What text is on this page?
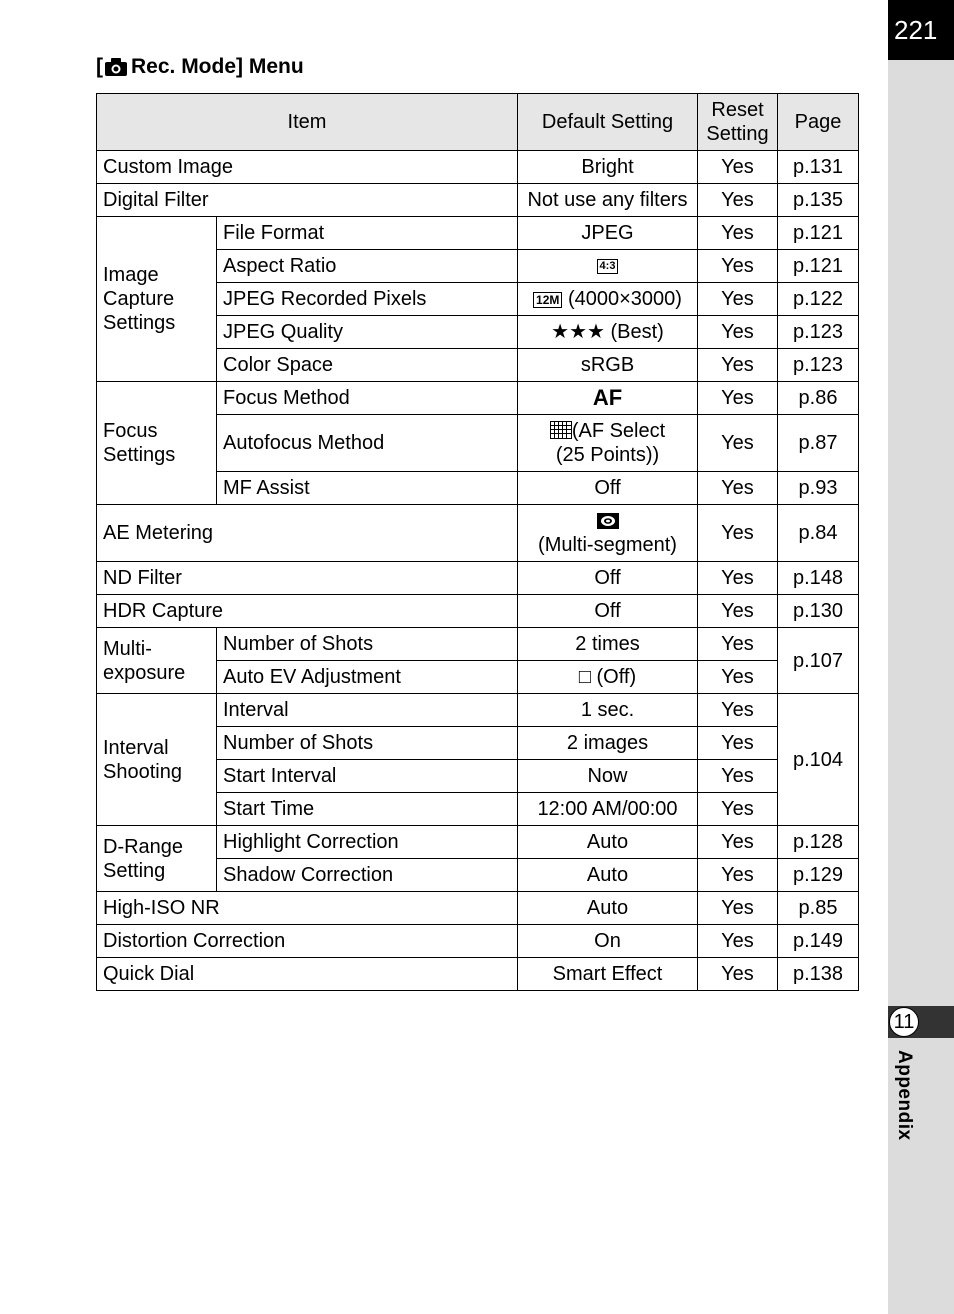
221
11
Appendix
[ Rec. Mode] Menu
Item		Default Setting	Reset Setting	Page
Custom Image		Bright	Yes	p.131
Digital Filter		Not use any filters	Yes	p.135
Image Capture Settings	File Format	JPEG	Yes	p.121
	Aspect Ratio	4:3	Yes	p.121
	JPEG Recorded Pixels	12M (4000×3000)	Yes	p.122
	JPEG Quality	★★★ (Best)	Yes	p.123
	Color Space	sRGB	Yes	p.123
Focus Settings	Focus Method	AF	Yes	p.86
	Autofocus Method	(AF Select
(25 Points))	Yes	p.87
	MF Assist	Off	Yes	p.93
AE Metering		(Multi-segment)	Yes	p.84
ND Filter		Off	Yes	p.148
HDR Capture		Off	Yes	p.130
Multi- exposure	Number of Shots	2 times	Yes	p.107
	Auto EV Adjustment	□ (Off)	Yes	
Interval Shooting	Interval	1 sec.	Yes	p.104
	Number of Shots	2 images	Yes	
	Start Interval	Now	Yes	
	Start Time	12:00 AM/00:00	Yes	
D-Range Setting	Highlight Correction	Auto	Yes	p.128
	Shadow Correction	Auto	Yes	p.129
High-ISO NR		Auto	Yes	p.85
Distortion Correction		On	Yes	p.149
Quick Dial		Smart Effect	Yes	p.138
